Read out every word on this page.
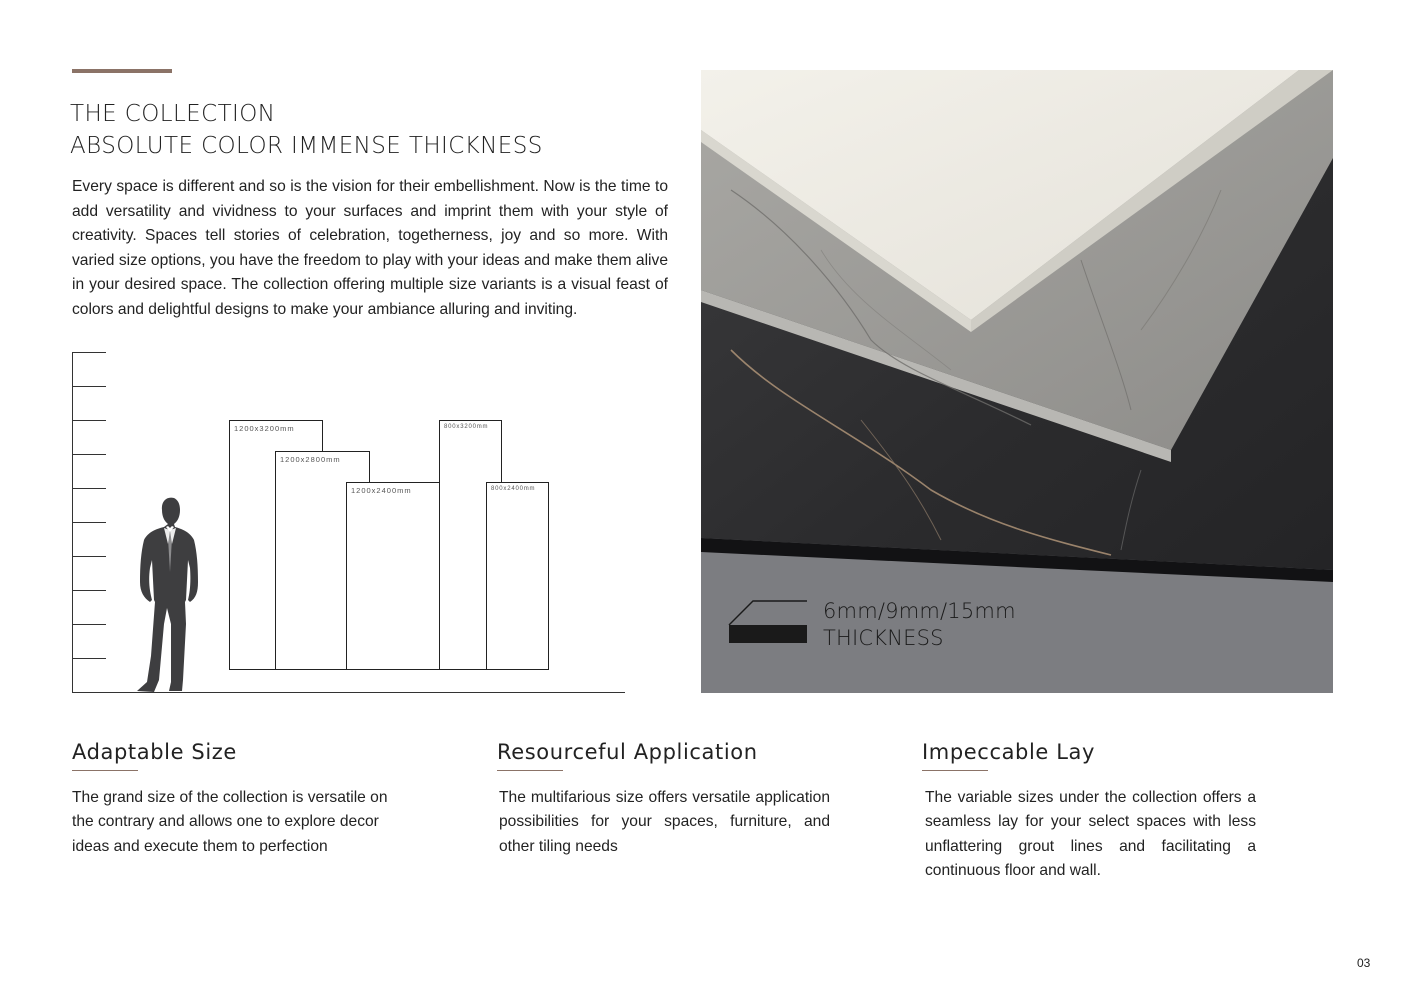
THE COLLECTION
ABSOLUTE COLOR IMMENSE THICKNESS
Every space is different and so is the vision for their embellishment. Now is the time to add versatility and vividness to your surfaces and imprint them with your style of creativity. Spaces tell stories of celebration, togetherness, joy and so more. With varied size options, you have the freedom to play with your ideas and make them alive in your desired space. The collection offering multiple size variants is a visual feast of colors and delightful designs to make your ambiance alluring and inviting.
1200x3200mm
1200x2800mm
800x3200mm
1200x2400mm	800x2400mm
6mm/9mm/15mm
THICKNESS
Adaptable Size

The grand size of the collection is versatile on the contrary and allows one to explore decor ideas and execute them to perfection

Resourceful Application

The multifarious size offers versatile application possibilities for your spaces, furniture, and other tiling needs

Impeccable Lay

The variable sizes under the collection offers a seamless lay for your select spaces with less unflattering grout lines and facilitating a continuous floor and wall.

03
